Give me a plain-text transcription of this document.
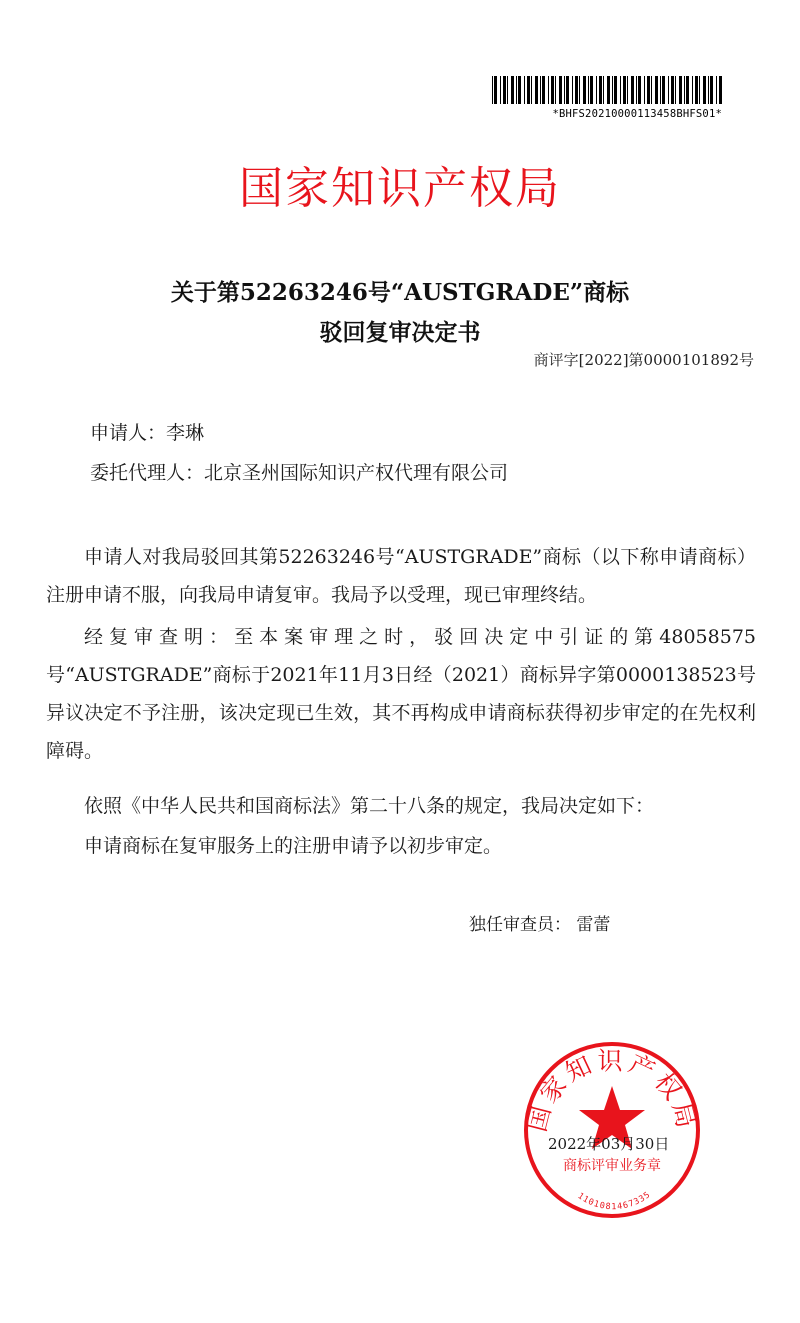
*BHFS20210000113458BHFS01*
国家知识产权局
关于第52263246号“AUSTGRADE”商标
驳回复审决定书
商评字[2022]第0000101892号
申请人：李琳
委托代理人：北京圣州国际知识产权代理有限公司
申请人对我局驳回其第52263246号“AUSTGRADE”商标（以下称申请商标）注册申请不服，向我局申请复审。我局予以受理，现已审理终结。
经复审查明：至本案审理之时，驳回决定中引证的第48058575号“AUSTGRADE”商标于2021年11月3日经（2021）商标异字第0000138523号异议决定不予注册，该决定现已生效，其不再构成申请商标获得初步审定的在先权利障碍。
依照《中华人民共和国商标法》第二十八条的规定，我局决定如下：
申请商标在复审服务上的注册申请予以初步审定。
独任审查员： 雷蕾
国家知识产权局
商标评审业务章
1101081467335
2022年03月30日
